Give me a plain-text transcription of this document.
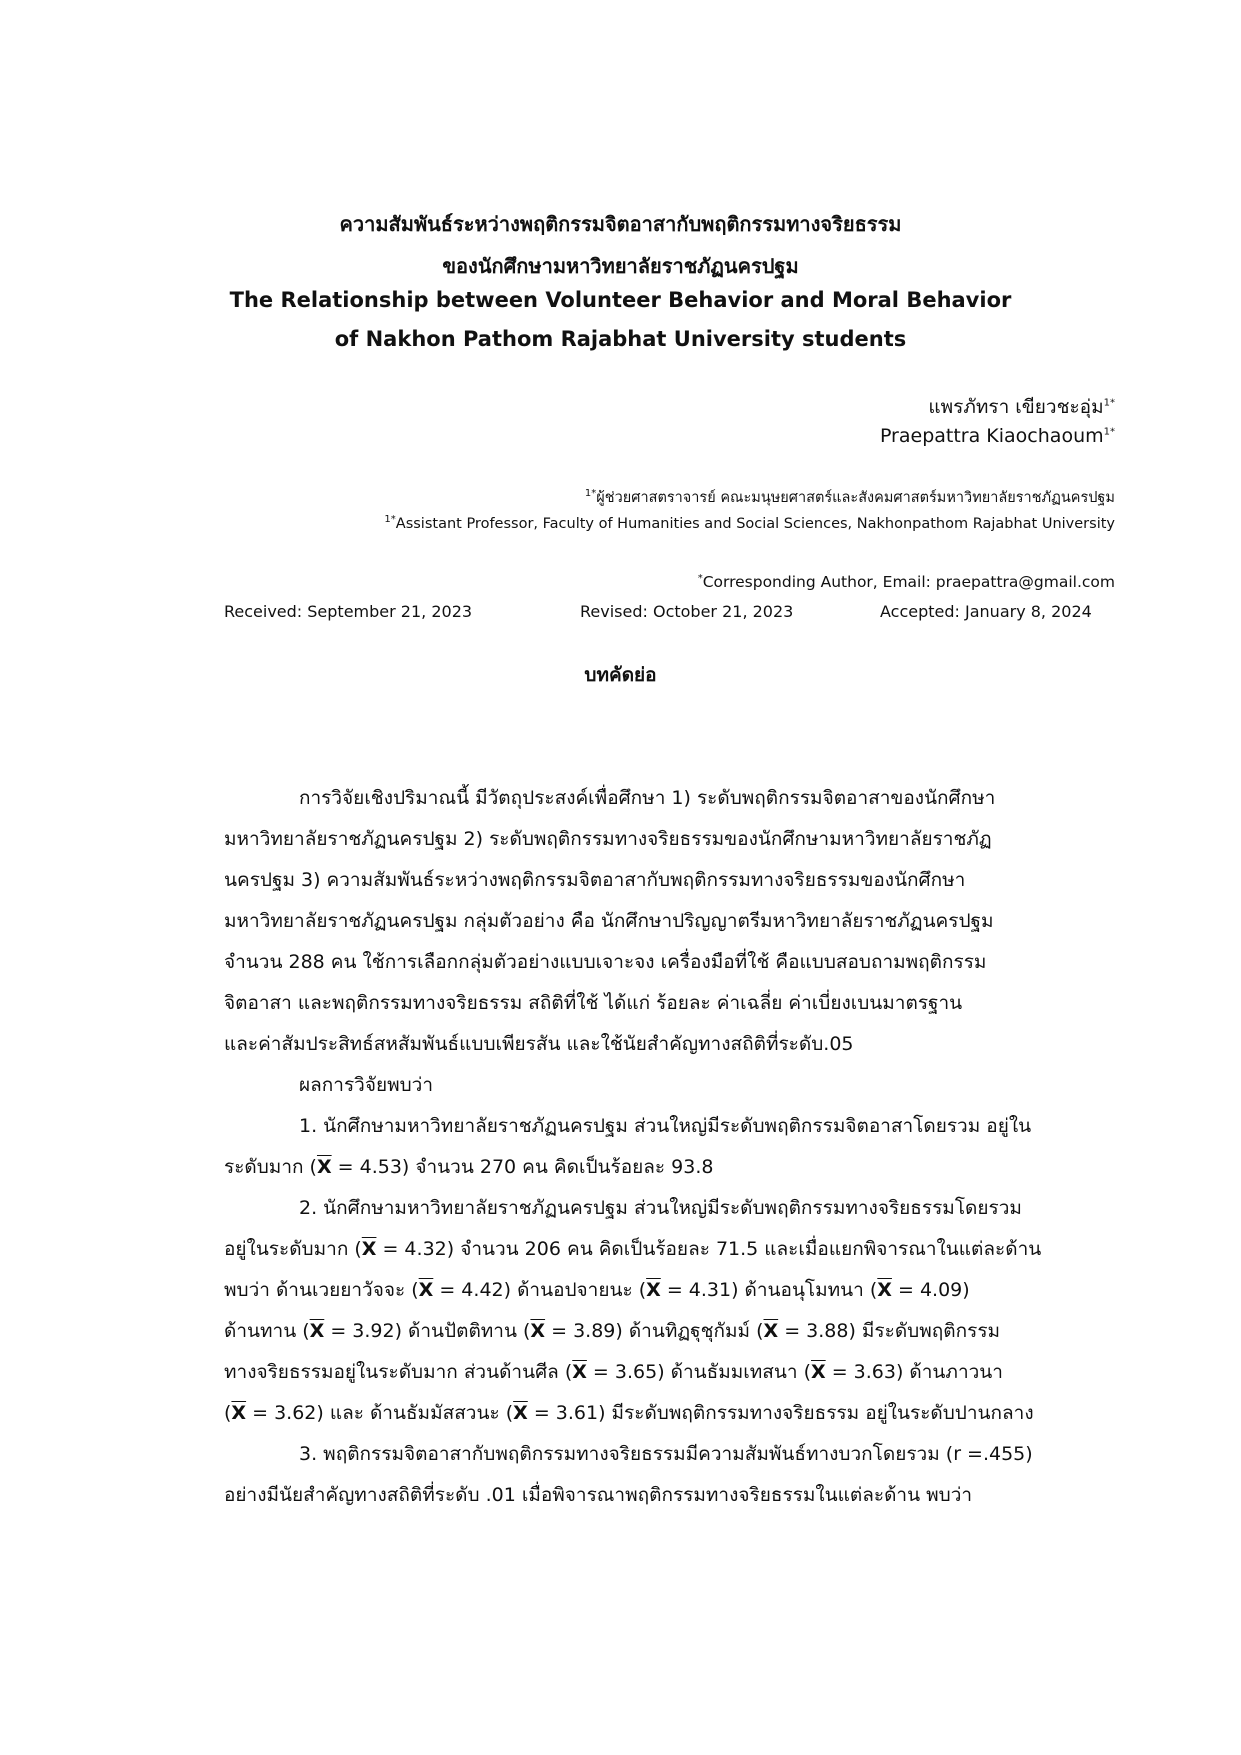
ความสัมพันธ์ระหว่างพฤติกรรมจิตอาสากับพฤติกรรมทางจริยธรรม
ของนักศึกษามหาวิทยาลัยราชภัฏนครปฐม
The Relationship between Volunteer Behavior and Moral Behavior
of Nakhon Pathom Rajabhat University students
แพรภัทรา เขียวชะอุ่ม$^{1*}$
Praepattra Kiaochaoum$^{1*}$
$^{1*}$ผู้ช่วยศาสตราจารย์ คณะมนุษยศาสตร์และสังคมศาสตร์มหาวิทยาลัยราชภัฏนครปฐม
$^{1*}$Assistant Professor, Faculty of Humanities and Social Sciences, Nakhonpathom Rajabhat University
*Corresponding Author, Email: praepattra@gmail.com
Received: September 21, 2023	Revised: October 21, 2023	Accepted: January 8, 2024
บทคัดย่อ
การวิจัยเชิงปริมาณนี้ มีวัตถุประสงค์เพื่อศึกษา 1) ระดับพฤติกรรมจิตอาสาของนักศึกษา
มหาวิทยาลัยราชภัฏนครปฐม 2) ระดับพฤติกรรมทางจริยธรรมของนักศึกษามหาวิทยาลัยราชภัฏ
นครปฐม 3) ความสัมพันธ์ระหว่างพฤติกรรมจิตอาสากับพฤติกรรมทางจริยธรรมของนักศึกษา
มหาวิทยาลัยราชภัฏนครปฐม กลุ่มตัวอย่าง คือ นักศึกษาปริญญาตรีมหาวิทยาลัยราชภัฏนครปฐม
จำนวน 288 คน ใช้การเลือกกลุ่มตัวอย่างแบบเจาะจง เครื่องมือที่ใช้ คือแบบสอบถามพฤติกรรม
จิตอาสา และพฤติกรรมทางจริยธรรม สถิติที่ใช้ ได้แก่ ร้อยละ ค่าเฉลี่ย ค่าเบี่ยงเบนมาตรฐาน
และค่าสัมประสิทธ์สหสัมพันธ์แบบเพียรสัน และใช้นัยสำคัญทางสถิติที่ระดับ.05
ผลการวิจัยพบว่า
1. นักศึกษามหาวิทยาลัยราชภัฏนครปฐม ส่วนใหญ่มีระดับพฤติกรรมจิตอาสาโดยรวม อยู่ใน
ระดับมาก $(\overline{X} = 4.53)$ จำนวน 270 คน คิดเป็นร้อยละ 93.8
2. นักศึกษามหาวิทยาลัยราชภัฏนครปฐม ส่วนใหญ่มีระดับพฤติกรรมทางจริยธรรมโดยรวม
อยู่ในระดับมาก $(\overline{X} = 4.32)$ จำนวน 206 คน คิดเป็นร้อยละ 71.5 และเมื่อแยกพิจารณาในแต่ละด้าน
พบว่า ด้านเวยยาวัจจะ $(\overline{X} = 4.42)$ ด้านอปจายนะ $(\overline{X} = 4.31)$ ด้านอนุโมทนา $(\overline{X} = 4.09)$
ด้านทาน $(\overline{X} = 3.92)$ ด้านปัตติทาน $(\overline{X} = 3.89)$ ด้านทิฏฐุชุกัมม์ $(\overline{X} = 3.88)$ มีระดับพฤติกรรม
ทางจริยธรรมอยู่ในระดับมาก ส่วนด้านศีล $(\overline{X} = 3.65)$ ด้านธัมมเทสนา $(\overline{X} = 3.63)$ ด้านภาวนา
$(\overline{X} = 3.62)$ และ ด้านธัมมัสสวนะ $(\overline{X} = 3.61)$ มีระดับพฤติกรรมทางจริยธรรม อยู่ในระดับปานกลาง
3. พฤติกรรมจิตอาสากับพฤติกรรมทางจริยธรรมมีความสัมพันธ์ทางบวกโดยรวม (r =.455)
อย่างมีนัยสำคัญทางสถิติที่ระดับ .01 เมื่อพิจารณาพฤติกรรมทางจริยธรรมในแต่ละด้าน พบว่า
